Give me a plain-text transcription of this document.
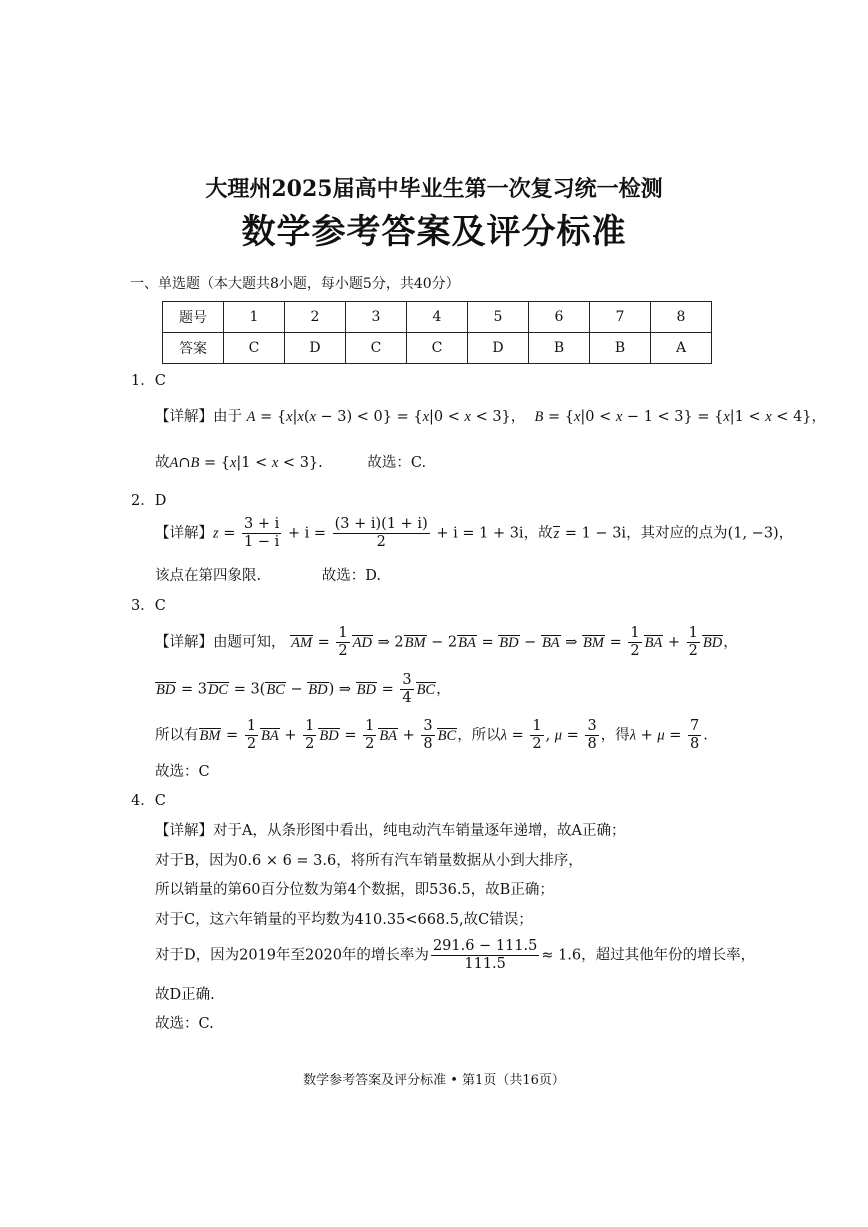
大理州2025届高中毕业生第一次复习统一检测
数学参考答案及评分标准
一、单选题（本大题共8小题，每小题5分，共40分）
题号	1	2	3	4	5	6	7	8
答案	C	D	C	C	D	B	B	A
1．C
【详解】由于 A = {x|x(x − 3) < 0} = {x|0 < x < 3}， B = {x|0 < x − 1 < 3} = {x|1 < x < 4}，
故A∩B = {x|1 < x < 3}.	故选：C.
2．D
【详解】$z = \frac{3 + i}{1 - i} + i = \frac{(3 + i)(1 + i)}{2} + i = 1 + 3i$，故z = 1 − 3i，其对应的点为(1, −3)，
该点在第四象限.	故选：D.
3．C
【详解】由题可知， AM = $\frac{1}{2}$ AD ⇒ 2BM − 2BA = BD − BA ⇒ BM = $\frac{1}{2}$ BA + $\frac{1}{2}$ BD，
BD = 3DC = 3(BC − BD) ⇒ BD = $\frac{3}{4}$ BC，
所以有BM = $\frac{1}{2}$ BA + $\frac{1}{2}$ BD = $\frac{1}{2}$ BA + $\frac{3}{8}$ BC，所以$\lambda = \frac{1}{2}$ , $\mu = \frac{3}{8}$ ，得$\lambda + \mu = \frac{7}{8}$ .
故选：C
4．C
【详解】对于A，从条形图中看出，纯电动汽车销量逐年递增，故A正确；
对于B，因为0.6 × 6 = 3.6，将所有汽车销量数据从小到大排序，
所以销量的第60百分位数为第4个数据，即536.5，故B正确；
对于C，这六年销量的平均数为410.35<668.5,故C错误；
对于D，因为2019年至2020年的增长率为 $\frac{291.6 - 111.5}{111.5} \approx 1.6$，超过其他年份的增长率，
故D正确.
故选：C.
数学参考答案及评分标准 • 第1页（共16页）
